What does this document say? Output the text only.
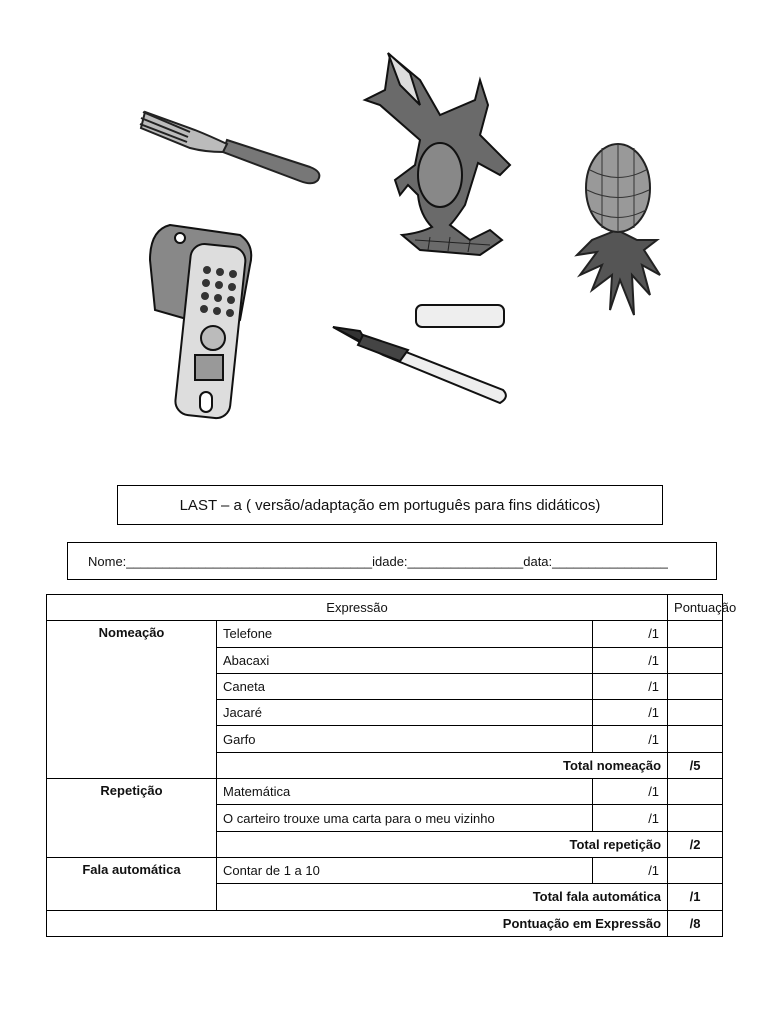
LAST – a ( versão/adaptação em português para fins didáticos)
Nome: __________________________________ idade: ________________ data: ________________
Expressão			Pontuação
Nomeação	Telefone	/1	
	Abacaxi	/1	
	Caneta	/1	
	Jacaré	/1	
	Garfo	/1	
	Total nomeação		/5
Repetição	Matemática	/1	
	O carteiro trouxe uma carta para o meu vizinho	/1	
	Total repetição		/2
Fala automática	Contar de 1 a 10	/1	
	Total fala automática		/1
Pontuação em Expressão			/8
